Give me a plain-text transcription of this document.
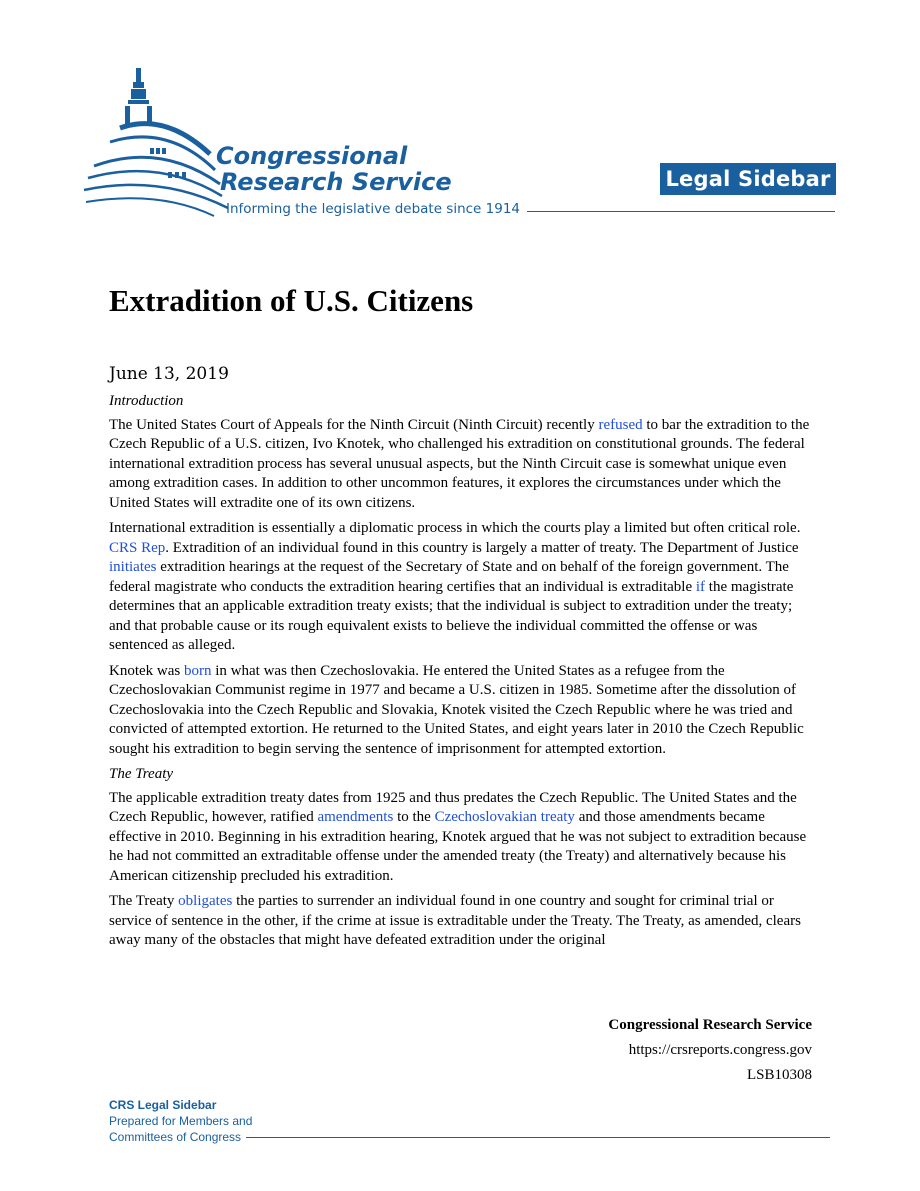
Congressional
Research Service
Informing the legislative debate since 1914
Legal Sidebar
Extradition of U.S. Citizens

June 13, 2019

Introduction

The United States Court of Appeals for the Ninth Circuit (Ninth Circuit) recently refused to bar the extradition to the Czech Republic of a U.S. citizen, Ivo Knotek, who challenged his extradition on constitutional grounds. The federal international extradition process has several unusual aspects, but the Ninth Circuit case is somewhat unique even among extradition cases. In addition to other uncommon features, it explores the circumstances under which the United States will extradite one of its own citizens.

International extradition is essentially a diplomatic process in which the courts play a limited but often critical role. CRS Rep. Extradition of an individual found in this country is largely a matter of treaty. The Department of Justice initiates extradition hearings at the request of the Secretary of State and on behalf of the foreign government. The federal magistrate who conducts the extradition hearing certifies that an individual is extraditable if the magistrate determines that an applicable extradition treaty exists; that the individual is subject to extradition under the treaty; and that probable cause or its rough equivalent exists to believe the individual committed the offense or was sentenced as alleged.

Knotek was born in what was then Czechoslovakia. He entered the United States as a refugee from the Czechoslovakian Communist regime in 1977 and became a U.S. citizen in 1985. Sometime after the dissolution of Czechoslovakia into the Czech Republic and Slovakia, Knotek visited the Czech Republic where he was tried and convicted of attempted extortion. He returned to the United States, and eight years later in 2010 the Czech Republic sought his extradition to begin serving the sentence of imprisonment for attempted extortion.

The Treaty

The applicable extradition treaty dates from 1925 and thus predates the Czech Republic. The United States and the Czech Republic, however, ratified amendments to the Czechoslovakian treaty and those amendments became effective in 2010. Beginning in his extradition hearing, Knotek argued that he was not subject to extradition because he had not committed an extraditable offense under the amended treaty (the Treaty) and alternatively because his American citizenship precluded his extradition.

The Treaty obligates the parties to surrender an individual found in one country and sought for criminal trial or service of sentence in the other, if the crime at issue is extraditable under the Treaty. The Treaty, as amended, clears away many of the obstacles that might have defeated extradition under the original

Congressional Research Service
https://crsreports.congress.gov
LSB10308
CRS Legal Sidebar
Prepared for Members and
Committees of Congress
